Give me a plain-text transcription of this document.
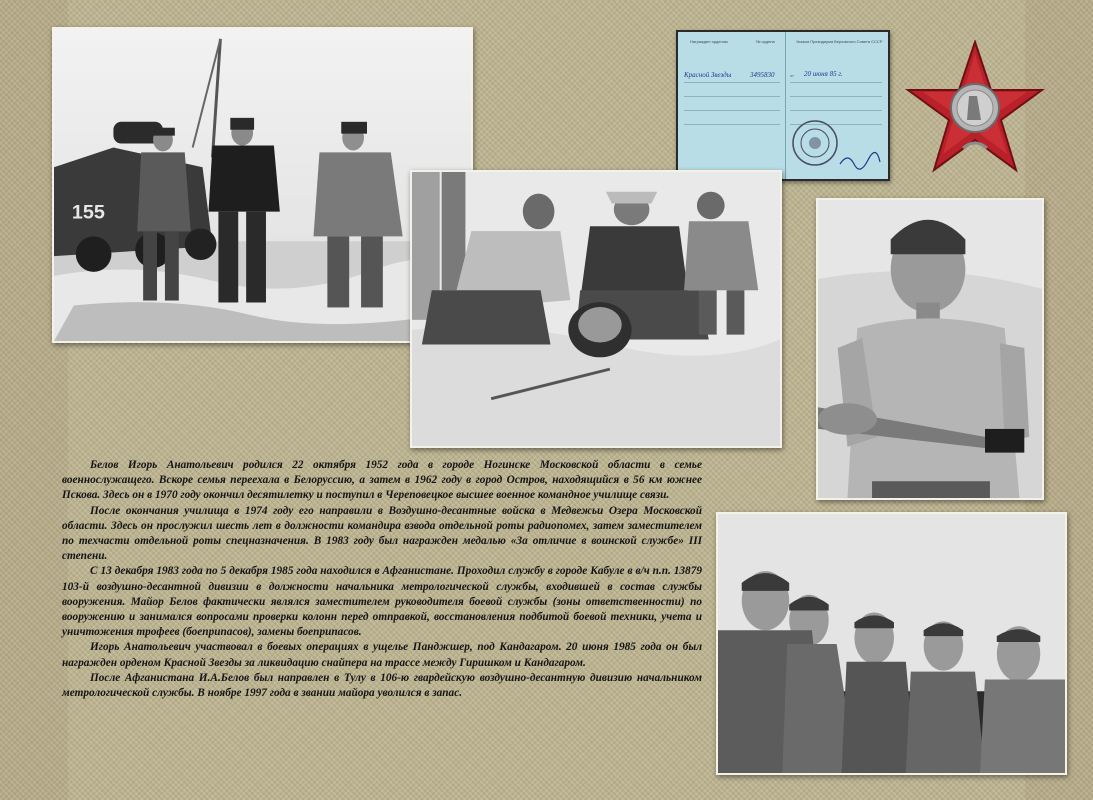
155
Награжден орденом	№ ордена	Указом Президиума Верховного Совета СССР
Красной Звезды	3495830	от 20 июня 85 г.

Белов Игорь Анатольевич родился 22 октября 1952 года в городе Ногинске Московской области в семье военнослужащего. Вскоре семья переехала в Белоруссию, а затем в 1962 году в город Остров, находящийся в 56 км южнее Пскова. Здесь он в 1970 году окончил десятилетку и поступил в Череповецкое высшее военное командное училище связи.

После окончания училища в 1974 году его направили в Воздушно-десантные войска в Медвежьи Озера Московской области. Здесь он прослужил шесть лет в должности командира взвода отдельной роты радиопомех, затем заместителем по техчасти отдельной роты спецназначения. В 1983 году был награжден медалью «За отличие в воинской службе» III степени.

С 13 декабря 1983 года по 5 декабря 1985 года находился в Афганистане. Проходил службу в городе Кабуле в в/ч п.п. 13879 103-й воздушно-десантной дивизии в должности начальника метрологической службы, входившей в состав службы вооружения. Майор Белов фактически являлся заместителем руководителя боевой службы (зоны ответственности) по вооружению и занимался вопросами проверки колонн перед отправкой, восстановления подбитой боевой техники, учета и уничтожения трофеев (боеприпасов), замены боеприпасов.

Игорь Анатольевич участвовал в боевых операциях в ущелье Панджшер, под Кандагаром. 20 июня 1985 года он был награжден орденом Красной Звезды за ликвидацию снайпера на трассе между Гиришком и Кандагаром.

После Афганистана И.А.Белов был направлен в Тулу в 106-ю гвардейскую воздушно-десантную дивизию начальником метрологической службы. В ноябре 1997 года в звании майора уволился в запас.
